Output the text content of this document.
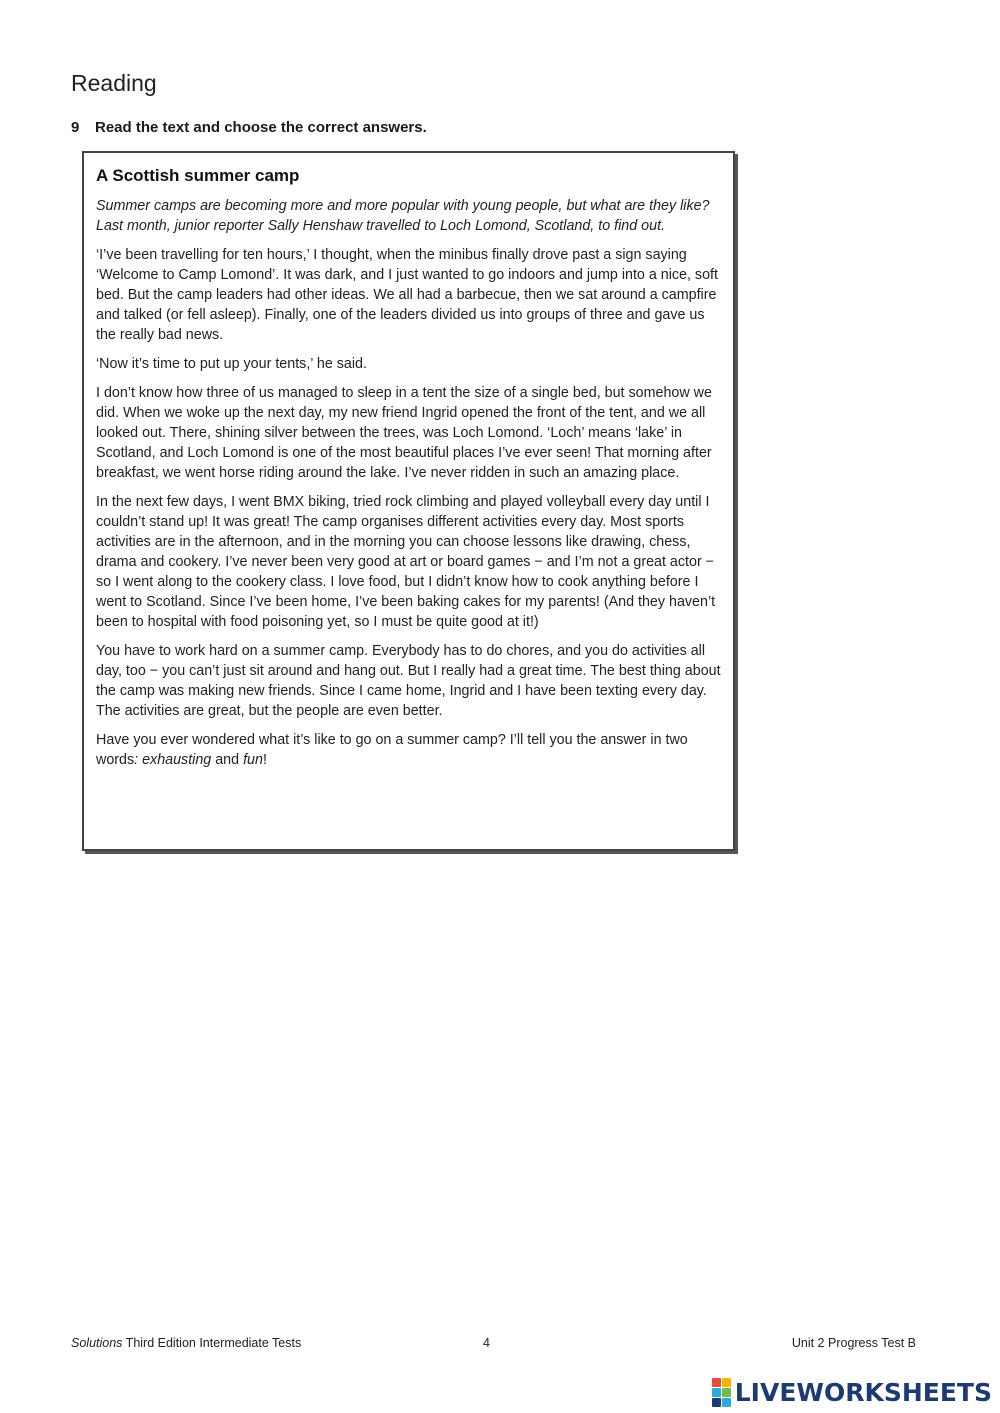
Reading
9 Read the text and choose the correct answers.
A Scottish summer camp

Summer camps are becoming more and more popular with young people, but what are they like? Last month, junior reporter Sally Henshaw travelled to Loch Lomond, Scotland, to find out.

‘I’ve been travelling for ten hours,’ I thought, when the minibus finally drove past a sign saying ‘Welcome to Camp Lomond’. It was dark, and I just wanted to go indoors and jump into a nice, soft bed. But the camp leaders had other ideas. We all had a barbecue, then we sat around a campfire and talked (or fell asleep). Finally, one of the leaders divided us into groups of three and gave us the really bad news.

‘Now it’s time to put up your tents,’ he said.

I don’t know how three of us managed to sleep in a tent the size of a single bed, but somehow we did. When we woke up the next day, my new friend Ingrid opened the front of the tent, and we all looked out. There, shining silver between the trees, was Loch Lomond. ‘Loch’ means ‘lake’ in Scotland, and Loch Lomond is one of the most beautiful places I’ve ever seen! That morning after breakfast, we went horse riding around the lake. I’ve never ridden in such an amazing place.

In the next few days, I went BMX biking, tried rock climbing and played volleyball every day until I couldn’t stand up! It was great! The camp organises different activities every day. Most sports activities are in the afternoon, and in the morning you can choose lessons like drawing, chess, drama and cookery. I’ve never been very good at art or board games − and I’m not a great actor − so I went along to the cookery class. I love food, but I didn’t know how to cook anything before I went to Scotland. Since I’ve been home, I’ve been baking cakes for my parents! (And they haven’t been to hospital with food poisoning yet, so I must be quite good at it!)

You have to work hard on a summer camp. Everybody has to do chores, and you do activities all day, too − you can’t just sit around and hang out. But I really had a great time. The best thing about the camp was making new friends. Since I came home, Ingrid and I have been texting every day. The activities are great, but the people are even better.

Have you ever wondered what it’s like to go on a summer camp? I’ll tell you the answer in two words: exhausting and fun!

Solutions Third Edition Intermediate Tests	4	Unit 2 Progress Test B
LIVEWORKSHEETS
